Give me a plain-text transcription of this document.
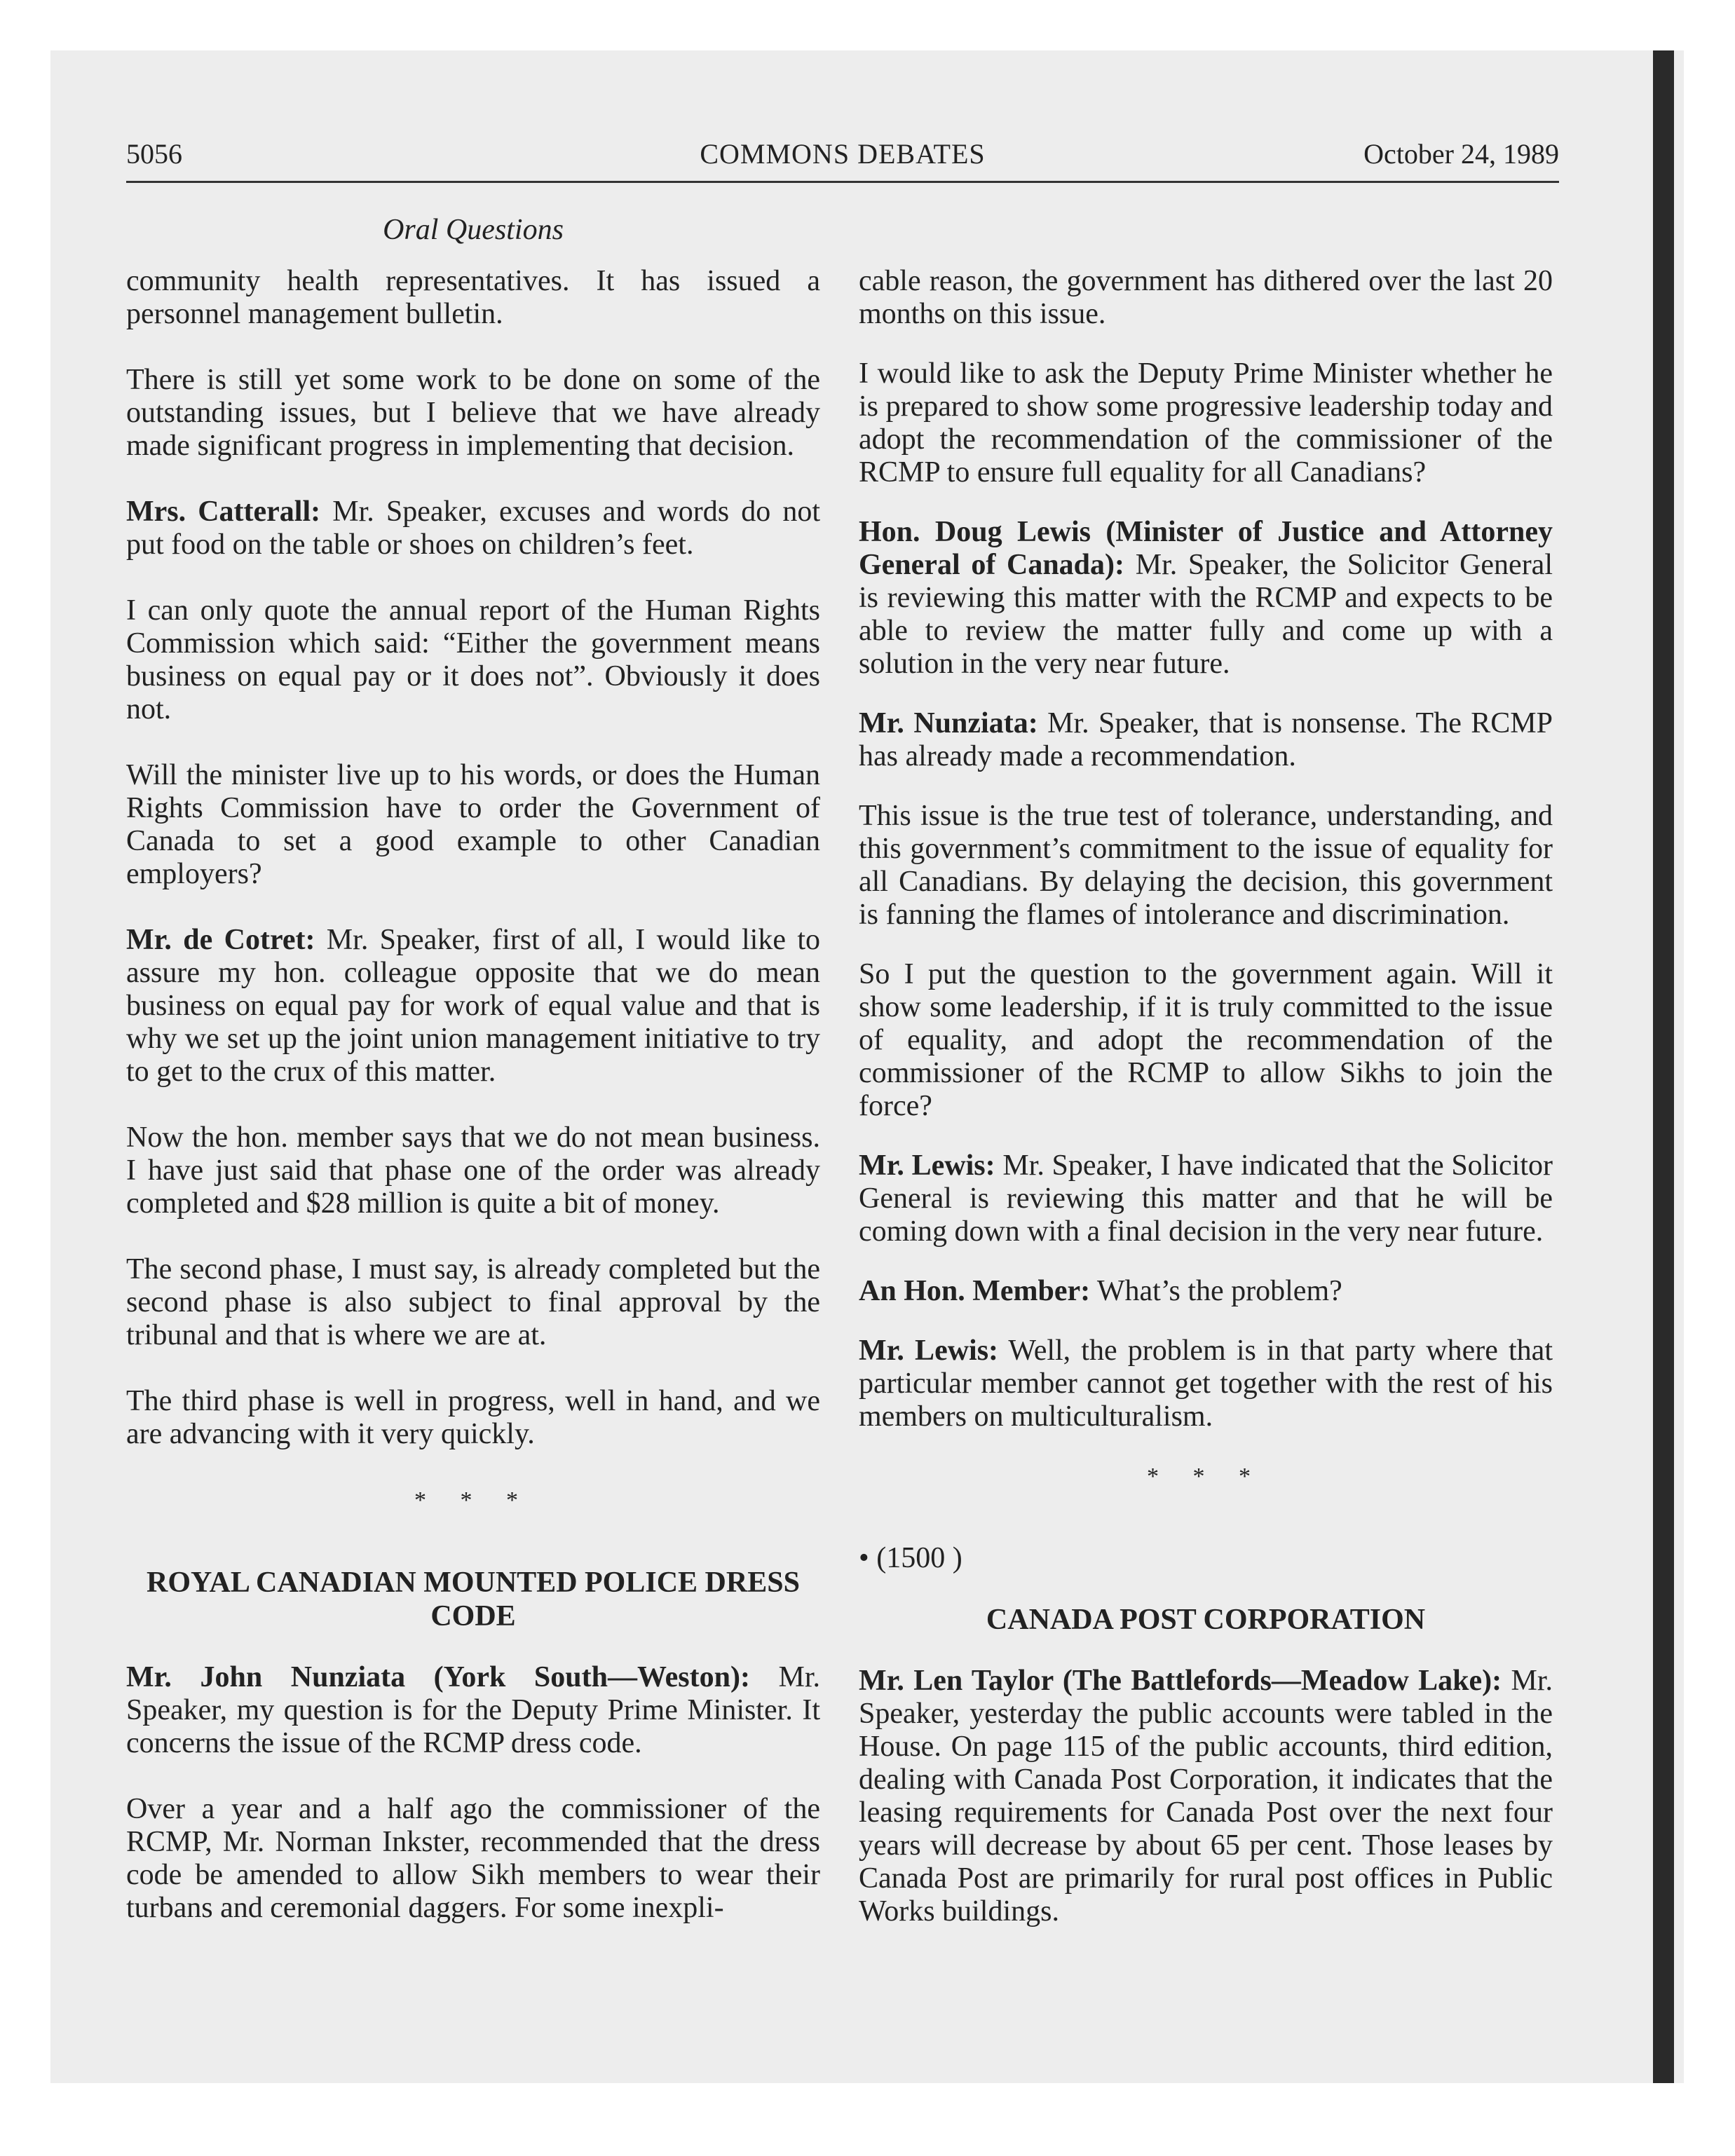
COMMONS DEBATES
5056	October 24, 1989
Oral Questions

community health representatives. It has issued a personnel management bulletin.

There is still yet some work to be done on some of the outstanding issues, but I believe that we have already made significant progress in implementing that decision.

Mrs. Catterall: Mr. Speaker, excuses and words do not put food on the table or shoes on children’s feet.

I can only quote the annual report of the Human Rights Commission which said: “Either the government means business on equal pay or it does not”. Obviously it does not.

Will the minister live up to his words, or does the Human Rights Commission have to order the Government of Canada to set a good example to other Canadian employers?

Mr. de Cotret: Mr. Speaker, first of all, I would like to assure my hon. colleague opposite that we do mean business on equal pay for work of equal value and that is why we set up the joint union management initiative to try to get to the crux of this matter.

Now the hon. member says that we do not mean business. I have just said that phase one of the order was already completed and $28 million is quite a bit of money.

The second phase, I must say, is already completed but the second phase is also subject to final approval by the tribunal and that is where we are at.

The third phase is well in progress, well in hand, and we are advancing with it very quickly.

* * *

ROYAL CANADIAN MOUNTED POLICE DRESS CODE

Mr. John Nunziata (York South—Weston): Mr. Speaker, my question is for the Deputy Prime Minister. It concerns the issue of the RCMP dress code.

Over a year and a half ago the commissioner of the RCMP, Mr. Norman Inkster, recommended that the dress code be amended to allow Sikh members to wear their turbans and ceremonial daggers. For some inexpli-

cable reason, the government has dithered over the last 20 months on this issue.

I would like to ask the Deputy Prime Minister whether he is prepared to show some progressive leadership today and adopt the recommendation of the commissioner of the RCMP to ensure full equality for all Canadians?

Hon. Doug Lewis (Minister of Justice and Attorney General of Canada): Mr. Speaker, the Solicitor General is reviewing this matter with the RCMP and expects to be able to review the matter fully and come up with a solution in the very near future.

Mr. Nunziata: Mr. Speaker, that is nonsense. The RCMP has already made a recommendation.

This issue is the true test of tolerance, understanding, and this government’s commitment to the issue of equality for all Canadians. By delaying the decision, this government is fanning the flames of intolerance and discrimination.

So I put the question to the government again. Will it show some leadership, if it is truly committed to the issue of equality, and adopt the recommendation of the commissioner of the RCMP to allow Sikhs to join the force?

Mr. Lewis: Mr. Speaker, I have indicated that the Solicitor General is reviewing this matter and that he will be coming down with a final decision in the very near future.

An Hon. Member: What’s the problem?

Mr. Lewis: Well, the problem is in that party where that particular member cannot get together with the rest of his members on multiculturalism.

* * *

• (1500 )

CANADA POST CORPORATION

Mr. Len Taylor (The Battlefords—Meadow Lake): Mr. Speaker, yesterday the public accounts were tabled in the House. On page 115 of the public accounts, third edition, dealing with Canada Post Corporation, it indicates that the leasing requirements for Canada Post over the next four years will decrease by about 65 per cent. Those leases by Canada Post are primarily for rural post offices in Public Works buildings.
